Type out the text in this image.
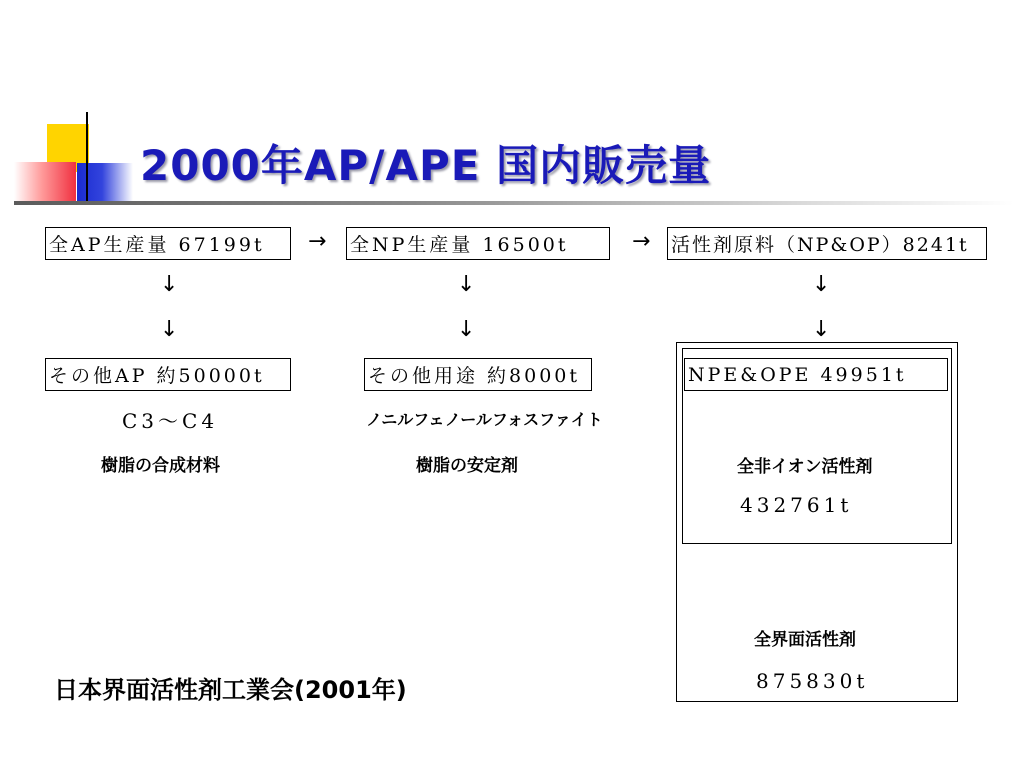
2000年AP/APE 国内販売量
全AP生産量 67199t	→ 全NP生産量 16500t	→ 活性剤原料（NP&OP）8241t
↓
↓
↓
↓
↓
↓
その他AP 約50000t	その他用途 約8000t	NPE&OPE 49951t
C3～C4
樹脂の合成材料
ノニルフェノールフォスファイト
樹脂の安定剤	全非イオン活性剤
432761t
全界面活性剤
875830t
日本界面活性剤工業会(2001年)
